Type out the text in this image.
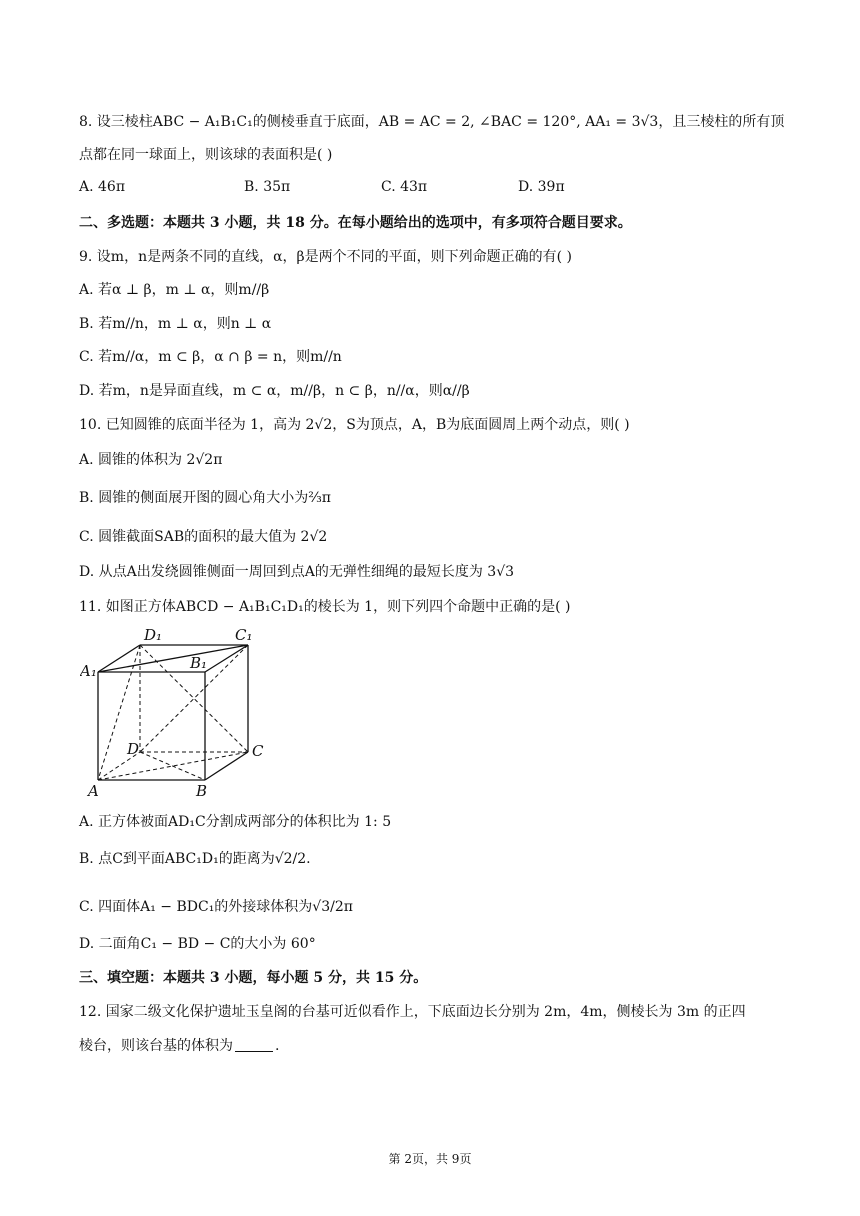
8. 设三棱柱ABC − A₁B₁C₁的侧棱垂直于底面，AB = AC = 2, ∠BAC = 120°, AA₁ = 3√3，且三棱柱的所有顶
点都在同一球面上，则该球的表面积是( )
A. 46π	B. 35π	C. 43π	D. 39π
二、多选题：本题共 3 小题，共 18 分。在每小题给出的选项中，有多项符合题目要求。
9. 设m，n是两条不同的直线，α，β是两个不同的平面，则下列命题正确的有( )
A. 若α ⊥ β，m ⊥ α，则m//β
B. 若m//n，m ⊥ α，则n ⊥ α
C. 若m//α，m ⊂ β，α ∩ β = n，则m//n
D. 若m，n是异面直线，m ⊂ α，m//β，n ⊂ β，n//α，则α//β
10. 已知圆锥的底面半径为 1，高为 2√2，S为顶点，A，B为底面圆周上两个动点，则( )
A. 圆锥的体积为 2√2π
B. 圆锥的侧面展开图的圆心角大小为⅔π
C. 圆锥截面SAB的面积的最大值为 2√2
D. 从点A出发绕圆锥侧面一周回到点A的无弹性细绳的最短长度为 3√3
11. 如图正方体ABCD − A₁B₁C₁D₁的棱长为 1，则下列四个命题中正确的是( )
D₁	C₁
A₁	B₁
D	C
A	B
A. 正方体被面AD₁C分割成两部分的体积比为 1: 5
B. 点C到平面ABC₁D₁的距离为√2/2.
C. 四面体A₁ − BDC₁的外接球体积为√3/2π
D. 二面角C₁ − BD − C的大小为 60°
三、填空题：本题共 3 小题，每小题 5 分，共 15 分。
12. 国家二级文化保护遗址玉皇阁的台基可近似看作上，下底面边长分别为 2m，4m，侧棱长为 3m 的正四
棱台，则该台基的体积为	.
第 2页，共 9页
